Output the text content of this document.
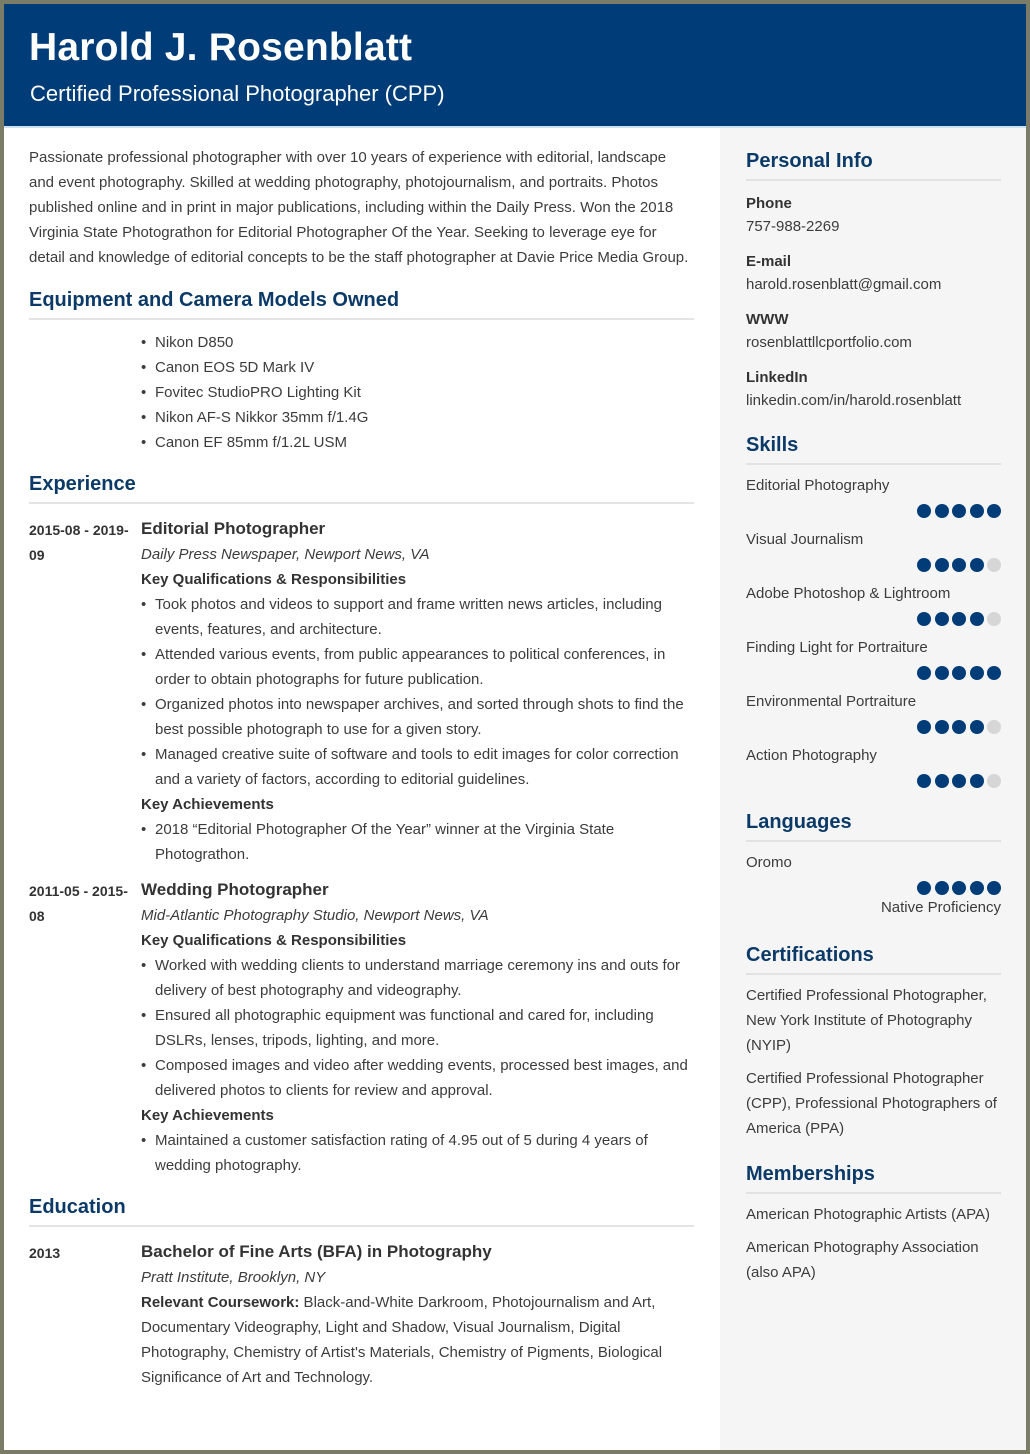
Harold J. Rosenblatt
Certified Professional Photographer (CPP)
Passionate professional photographer with over 10 years of experience with editorial, landscape and event photography. Skilled at wedding photography, photojournalism, and portraits. Photos published online and in print in major publications, including within the Daily Press. Won the 2018 Virginia State Photograthon for Editorial Photographer Of the Year. Seeking to leverage eye for detail and knowledge of editorial concepts to be the staff photographer at Davie Price Media Group.
Equipment and Camera Models Owned
• Nikon D850
• Canon EOS 5D Mark IV
• Fovitec StudioPRO Lighting Kit
• Nikon AF-S Nikkor 35mm f/1.4G
• Canon EF 85mm f/1.2L USM
Experience
2015-08 - 2019-09
Editorial Photographer
Daily Press Newspaper, Newport News, VA
Key Qualifications & Responsibilities
• Took photos and videos to support and frame written news articles, including events, features, and architecture.
• Attended various events, from public appearances to political conferences, in order to obtain photographs for future publication.
• Organized photos into newspaper archives, and sorted through shots to find the best possible photograph to use for a given story.
• Managed creative suite of software and tools to edit images for color correction and a variety of factors, according to editorial guidelines.
Key Achievements
• 2018 “Editorial Photographer Of the Year” winner at the Virginia State Photograthon.
2011-05 - 2015-08
Wedding Photographer
Mid-Atlantic Photography Studio, Newport News, VA
Key Qualifications & Responsibilities
• Worked with wedding clients to understand marriage ceremony ins and outs for delivery of best photography and videography.
• Ensured all photographic equipment was functional and cared for, including DSLRs, lenses, tripods, lighting, and more.
• Composed images and video after wedding events, processed best images, and delivered photos to clients for review and approval.
Key Achievements
• Maintained a customer satisfaction rating of 4.95 out of 5 during 4 years of wedding photography.
Education
2013	Bachelor of Fine Arts (BFA) in Photography
Pratt Institute, Brooklyn, NY
Relevant Coursework: Black-and-White Darkroom, Photojournalism and Art, Documentary Videography, Light and Shadow, Visual Journalism, Digital Photography, Chemistry of Artist's Materials, Chemistry of Pigments, Biological Significance of Art and Technology.
Personal Info
Phone
757-988-2269
E-mail
harold.rosenblatt@gmail.com
WWW
rosenblattllcportfolio.com
LinkedIn
linkedin.com/in/harold.rosenblatt
Skills
Editorial Photography
Visual Journalism
Adobe Photoshop & Lightroom
Finding Light for Portraiture
Environmental Portraiture
Action Photography
Languages
Oromo
Native Proficiency
Certifications
Certified Professional Photographer, New York Institute of Photography (NYIP)
Certified Professional Photographer (CPP), Professional Photographers of America (PPA)
Memberships
American Photographic Artists (APA)
American Photography Association (also APA)
